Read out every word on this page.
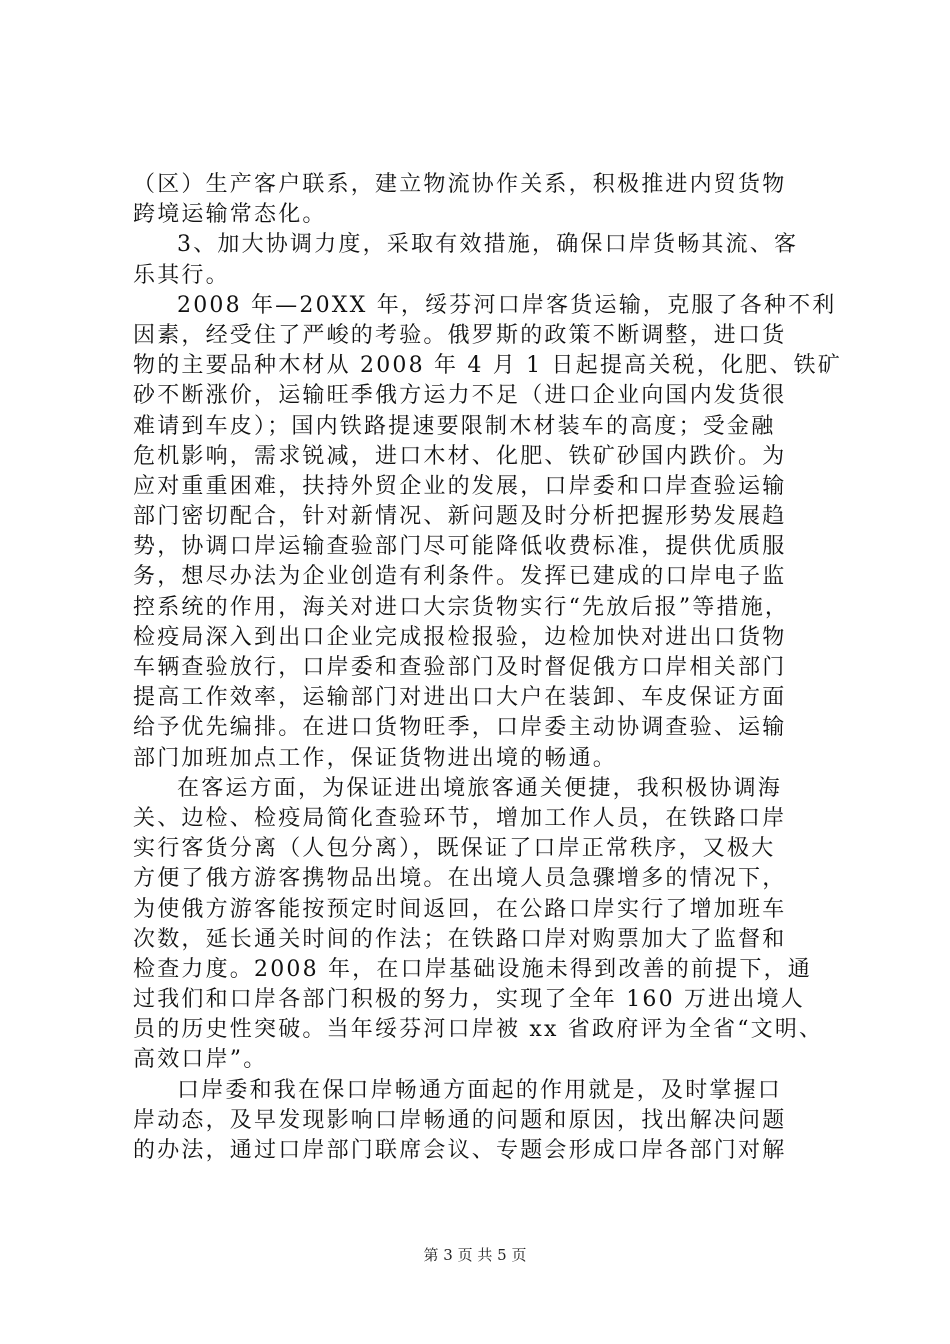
（区）生产客户联系，建立物流协作关系，积极推进内贸货物
跨境运输常态化。
3、加大协调力度，采取有效措施，确保口岸货畅其流、客
乐其行。
2008 年—20XX 年，绥芬河口岸客货运输，克服了各种不利
因素，经受住了严峻的考验。俄罗斯的政策不断调整，进口货
物的主要品种木材从 2008 年 4 月 1 日起提高关税，化肥、铁矿
砂不断涨价，运输旺季俄方运力不足（进口企业向国内发货很
难请到车皮）；国内铁路提速要限制木材装车的高度；受金融
危机影响，需求锐减，进口木材、化肥、铁矿砂国内跌价。为
应对重重困难，扶持外贸企业的发展，口岸委和口岸查验运输
部门密切配合，针对新情况、新问题及时分析把握形势发展趋
势，协调口岸运输查验部门尽可能降低收费标准，提供优质服
务，想尽办法为企业创造有利条件。发挥已建成的口岸电子监
控系统的作用，海关对进口大宗货物实行“先放后报”等措施，
检疫局深入到出口企业完成报检报验，边检加快对进出口货物
车辆查验放行，口岸委和查验部门及时督促俄方口岸相关部门
提高工作效率，运输部门对进出口大户在装卸、车皮保证方面
给予优先编排。在进口货物旺季，口岸委主动协调查验、运输
部门加班加点工作，保证货物进出境的畅通。
在客运方面，为保证进出境旅客通关便捷，我积极协调海
关、边检、检疫局简化查验环节，增加工作人员，在铁路口岸
实行客货分离（人包分离），既保证了口岸正常秩序，又极大
方便了俄方游客携物品出境。在出境人员急骤增多的情况下，
为使俄方游客能按预定时间返回，在公路口岸实行了增加班车
次数，延长通关时间的作法；在铁路口岸对购票加大了监督和
检查力度。2008 年，在口岸基础设施未得到改善的前提下，通
过我们和口岸各部门积极的努力，实现了全年 160 万进出境人
员的历史性突破。当年绥芬河口岸被 xx 省政府评为全省“文明、
高效口岸”。
口岸委和我在保口岸畅通方面起的作用就是，及时掌握口
岸动态，及早发现影响口岸畅通的问题和原因，找出解决问题
的办法，通过口岸部门联席会议、专题会形成口岸各部门对解
第 3 页 共 5 页
